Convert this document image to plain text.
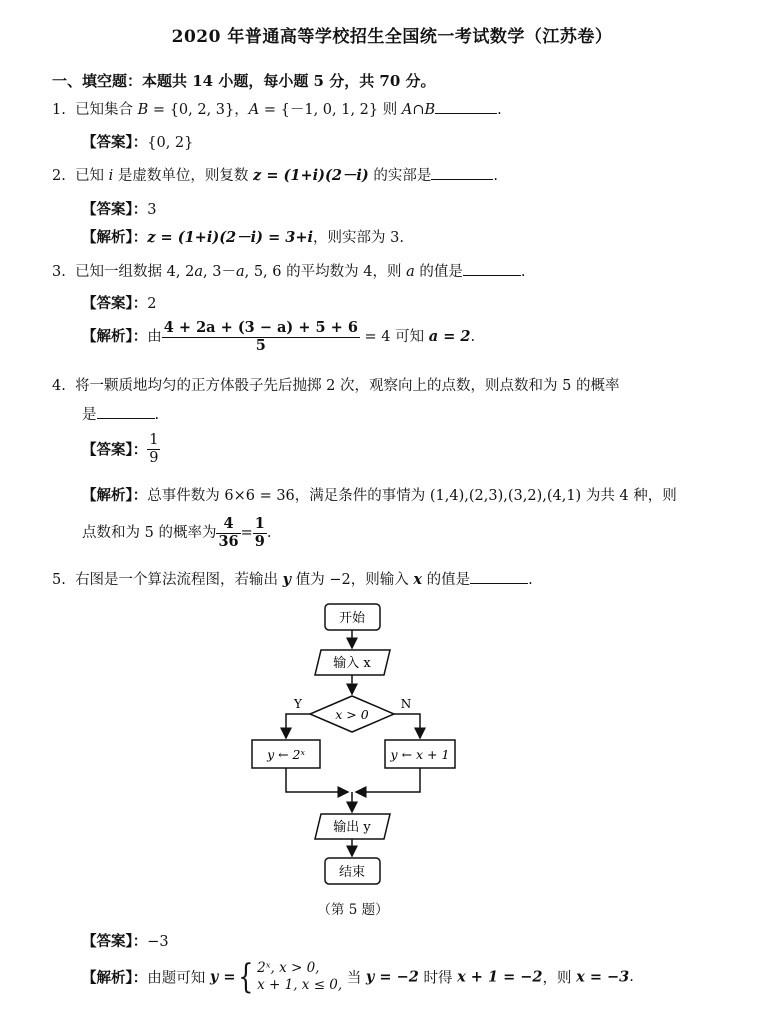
2020 年普通高等学校招生全国统一考试数学（江苏卷）
一、填空题：本题共 14 小题，每小题 5 分，共 70 分。
1. 已知集合 B = {0, 2, 3}，A = {－1, 0, 1, 2} 则 A∩B	.
【答案】：{0, 2}
2. 已知 i 是虚数单位，则复数 z = (1+i)(2－i) 的实部是	.
【答案】：3
【解析】：z = (1+i)(2－i) = 3+i，则实部为 3.
3. 已知一组数据 4, 2a, 3－a, 5, 6 的平均数为 4，则 a 的值是	.
【答案】：2
【解析】：由 $\frac{4 + 2a + (3 - a) + 5 + 6}{5} = 4$ 可知 a = 2.
4. 将一颗质地均匀的正方体骰子先后抛掷 2 次，观察向上的点数，则点数和为 5 的概率
是	.
【答案】： $\frac{1}{9}$
【解析】：总事件数为 6×6 = 36，满足条件的事情为 (1,4),(2,3),(3,2),(4,1) 为共 4 种，则
点数和为 5 的概率为 $\frac{4}{36} = \frac{1}{9}$ .
5. 右图是一个算法流程图，若输出 y 值为 −2，则输入 x 的值是	.
开始
输入 x
x > 0
Y	N
y ← 2ˣ	y ← x + 1
输出 y
结束
（第 5 题）
【答案】：−3
【解析】：由题可知 y ={ 2ˣ, x > 0,
x + 1, x ≤ 0, 当 y = −2 时得 x + 1 = −2，则 x = −3.
